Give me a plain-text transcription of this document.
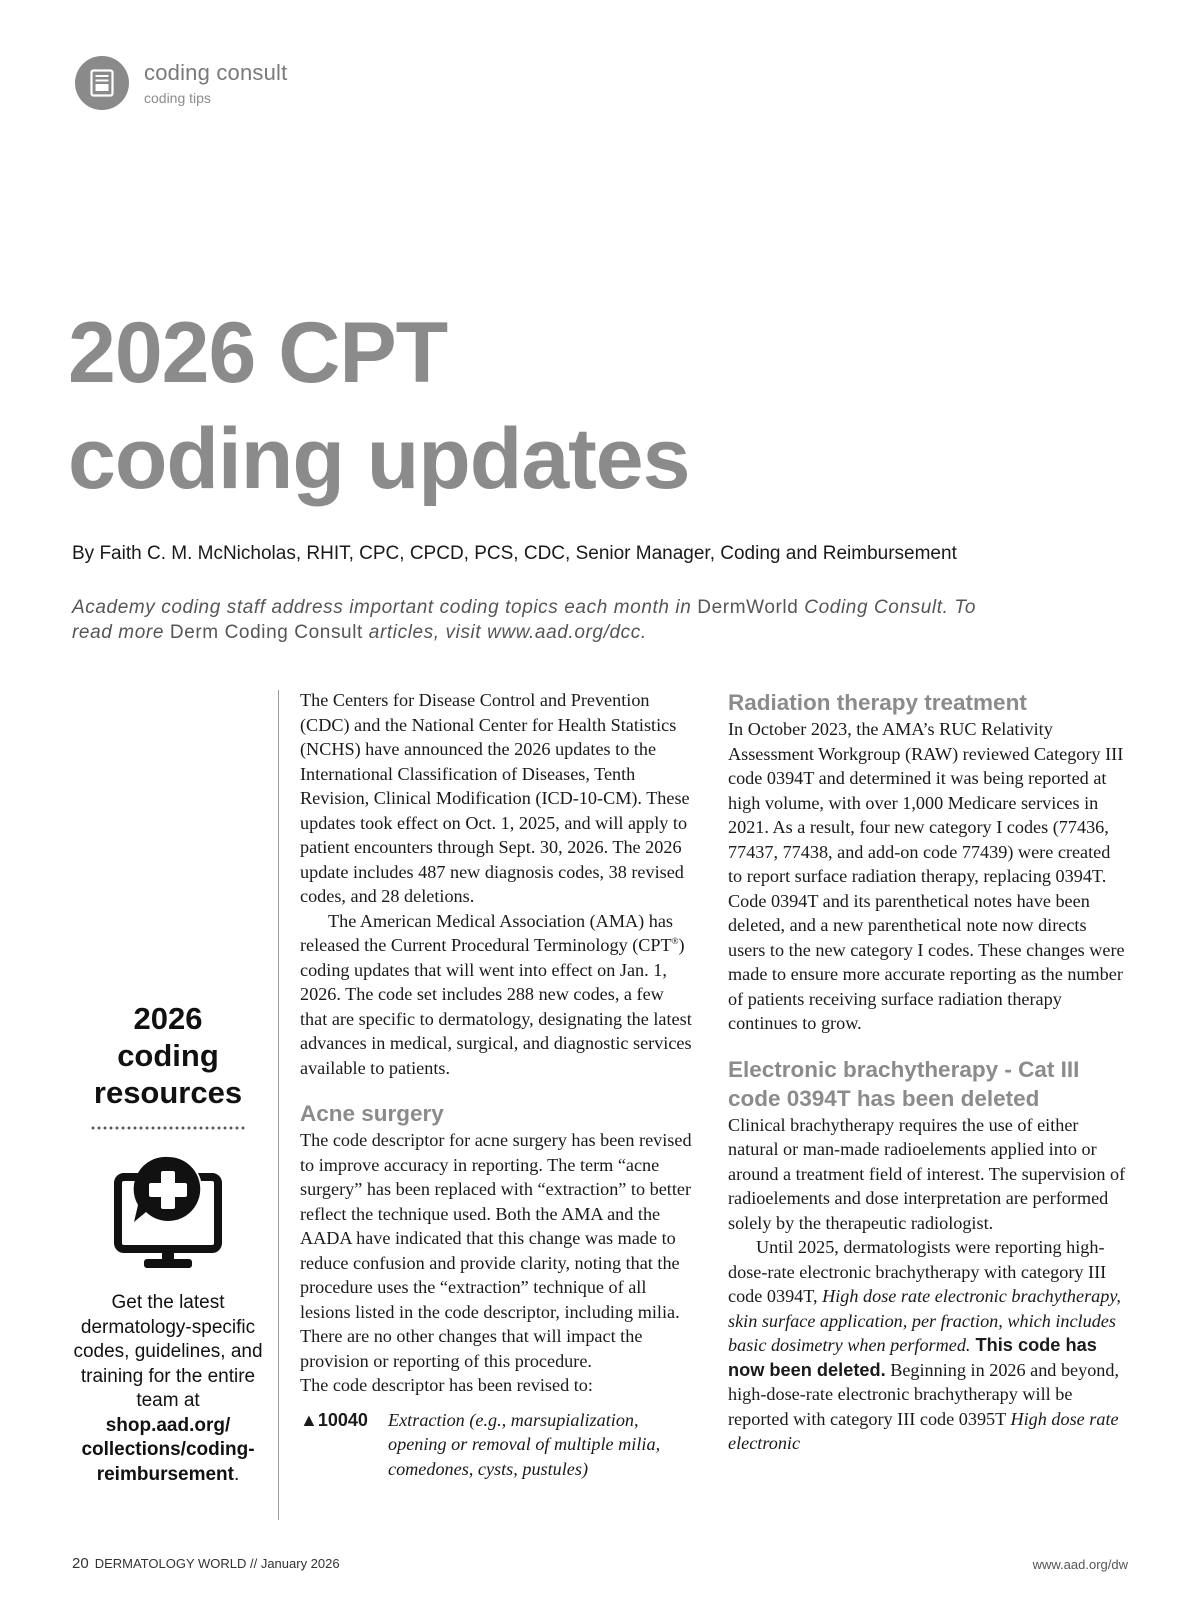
coding consult
coding tips
2026 CPT
coding updates
By Faith C. M. McNicholas, RHIT, CPC, CPCD, PCS, CDC, Senior Manager, Coding and Reimbursement
Academy coding staff address important coding topics each month in DermWorld Coding Consult. To read more Derm Coding Consult articles, visit www.aad.org/dcc.
2026
coding
resources
Get the latest dermatology-specific codes, guidelines, and training for the entire team at shop.aad.org/ collections/coding-reimbursement.

The Centers for Disease Control and Prevention (CDC) and the National Center for Health Statistics (NCHS) have announced the 2026 updates to the International Classification of Diseases, Tenth Revision, Clinical Modification (ICD-10-CM). These updates took effect on Oct. 1, 2025, and will apply to patient encounters through Sept. 30, 2026. The 2026 update includes 487 new diagnosis codes, 38 revised codes, and 28 deletions.

The American Medical Association (AMA) has released the Current Procedural Terminology (CPT®) coding updates that will went into effect on Jan. 1, 2026. The code set includes 288 new codes, a few that are specific to dermatology, designating the latest advances in medical, surgical, and diagnostic services available to patients.

Acne surgery

The code descriptor for acne surgery has been revised to improve accuracy in reporting. The term “acne surgery” has been replaced with “extraction” to better reflect the technique used. Both the AMA and the AADA have indicated that this change was made to reduce confusion and provide clarity, noting that the procedure uses the “extraction” technique of all lesions listed in the code descriptor, including milia. There are no other changes that will impact the provision or reporting of this procedure.

The code descriptor has been revised to:

▲10040 Extraction (e.g., marsupialization, opening or removal of multiple milia, comedones, cysts, pustules)
Radiation therapy treatment

In October 2023, the AMA’s RUC Relativity Assessment Workgroup (RAW) reviewed Category III code 0394T and determined it was being reported at high volume, with over 1,000 Medicare services in 2021. As a result, four new category I codes (77436, 77437, 77438, and add-on code 77439) were created to report surface radiation therapy, replacing 0394T. Code 0394T and its parenthetical notes have been deleted, and a new parenthetical note now directs users to the new category I codes. These changes were made to ensure more accurate reporting as the number of patients receiving surface radiation therapy continues to grow.

Electronic brachytherapy - Cat III code 0394T has been deleted

Clinical brachytherapy requires the use of either natural or man-made radioelements applied into or around a treatment field of interest. The supervision of radioelements and dose interpretation are performed solely by the therapeutic radiologist.

Until 2025, dermatologists were reporting high-dose-rate electronic brachytherapy with category III code 0394T, High dose rate electronic brachytherapy, skin surface application, per fraction, which includes basic dosimetry when performed. This code has now been deleted. Beginning in 2026 and beyond, high-dose-rate electronic brachytherapy will be reported with category III code 0395T High dose rate electronic

20 DERMATOLOGY WORLD // January 2026	www.aad.org/dw
